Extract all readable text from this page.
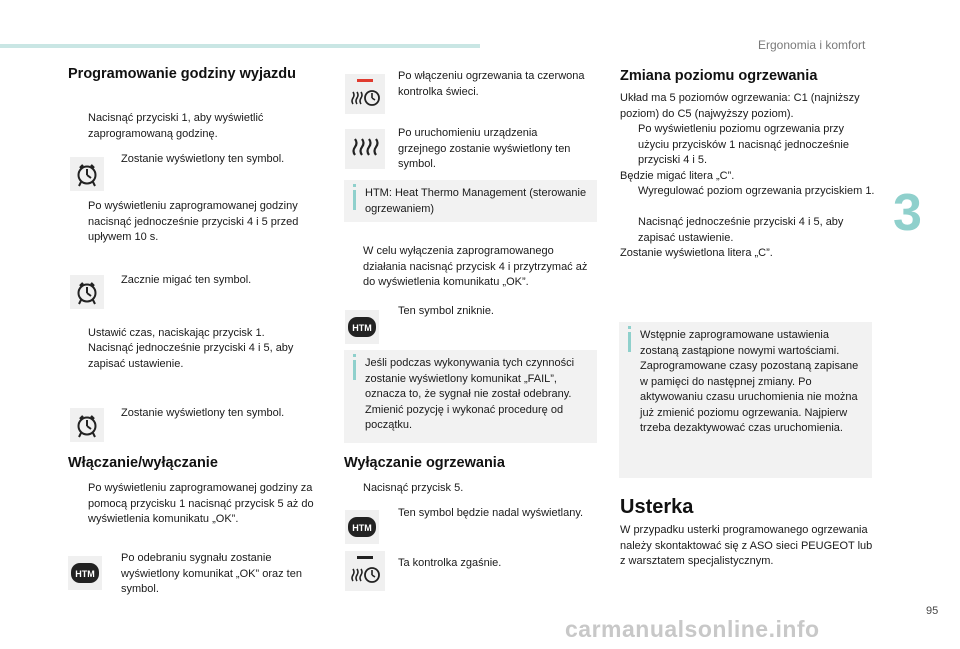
Ergonomia i komfort
3
Programowanie godziny wyjazdu
Nacisnąć przyciski 1, aby wyświetlić zaprogramowaną godzinę.
Zostanie wyświetlony ten symbol.
Po wyświetleniu zaprogramowanej godziny nacisnąć jednocześnie przyciski 4 i 5 przed upływem 10 s.
Zacznie migać ten symbol.
Ustawić czas, naciskając przycisk 1.
Nacisnąć jednocześnie przyciski 4 i 5, aby zapisać ustawienie.
Zostanie wyświetlony ten symbol.
Włączanie/wyłączanie
Po wyświetleniu zaprogramowanej godziny za pomocą przycisku 1 nacisnąć przycisk 5 aż do wyświetlenia komunikatu „OK”.
HTM
Po odebraniu sygnału zostanie wyświetlony komunikat „OK” oraz ten symbol.
Po włączeniu ogrzewania ta czerwona kontrolka świeci.
Po uruchomieniu urządzenia grzejnego zostanie wyświetlony ten symbol.
HTM: Heat Thermo Management (sterowanie ogrzewaniem)
W celu wyłączenia zaprogramowanego działania nacisnąć przycisk 4 i przytrzymać aż do wyświetlenia komunikatu „OK”.
HTM
Ten symbol zniknie.
Jeśli podczas wykonywania tych czynności zostanie wyświetlony komunikat „FAIL”, oznacza to, że sygnał nie został odebrany. Zmienić pozycję i wykonać procedurę od początku.
Wyłączanie ogrzewania
Nacisnąć przycisk 5.
HTM
Ten symbol będzie nadal wyświetlany.
Ta kontrolka zgaśnie.
Zmiana poziomu ogrzewania
Układ ma 5 poziomów ogrzewania: C1 (najniższy poziom) do C5 (najwyższy poziom).
Po wyświetleniu poziomu ogrzewania przy użyciu przycisków 1 nacisnąć jednocześnie przyciski 4 i 5.
Będzie migać litera „C”.
Wyregulować poziom ogrzewania przyciskiem 1.
Nacisnąć jednocześnie przyciski 4 i 5, aby zapisać ustawienie.
Zostanie wyświetlona litera „C”.
Wstępnie zaprogramowane ustawienia zostaną zastąpione nowymi wartościami. Zaprogramowane czasy pozostaną zapisane w pamięci do następnej zmiany. Po aktywowaniu czasu uruchomienia nie można już zmienić poziomu ogrzewania. Najpierw trzeba dezaktywować czas uruchomienia.
Usterka
W przypadku usterki programowanego ogrzewania należy skontaktować się z ASO sieci PEUGEOT lub z warsztatem specjalistycznym.
95
carmanualsonline.info
